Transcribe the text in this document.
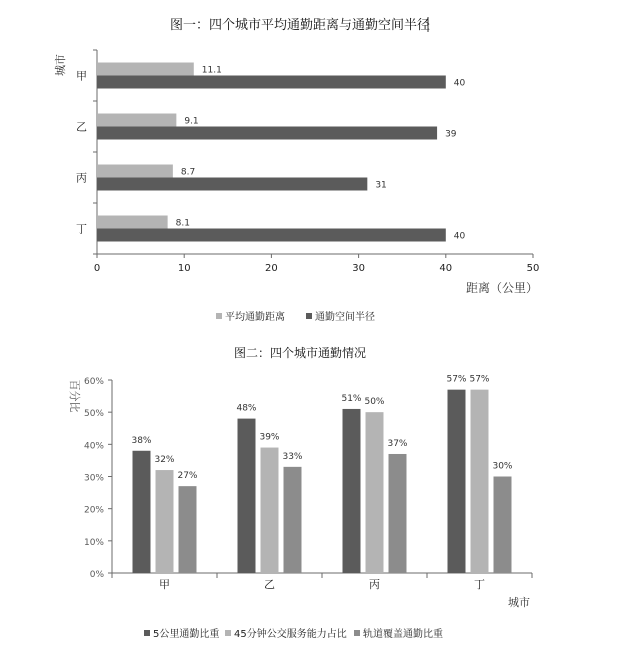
图一：四个城市平均通勤距离与通勤空间半径
城市
距离（公里）
0	10	20	30	40	50
甲
乙
丙
丁
11.1
40
9.1
39
8.7
31
8.1
40
平均通勤距离	通勤空间半径
图二：四个城市通勤情况
百分比
城市
0%
10%
20%
30%
40%
50%
60%
甲	乙	丙	丁
38%
32%
27%
48%
39%
33%
51% 50%
37%
57% 57%
30%
5公里通勤比重 45分钟公交服务能力占比 轨道覆盖通勤比重
